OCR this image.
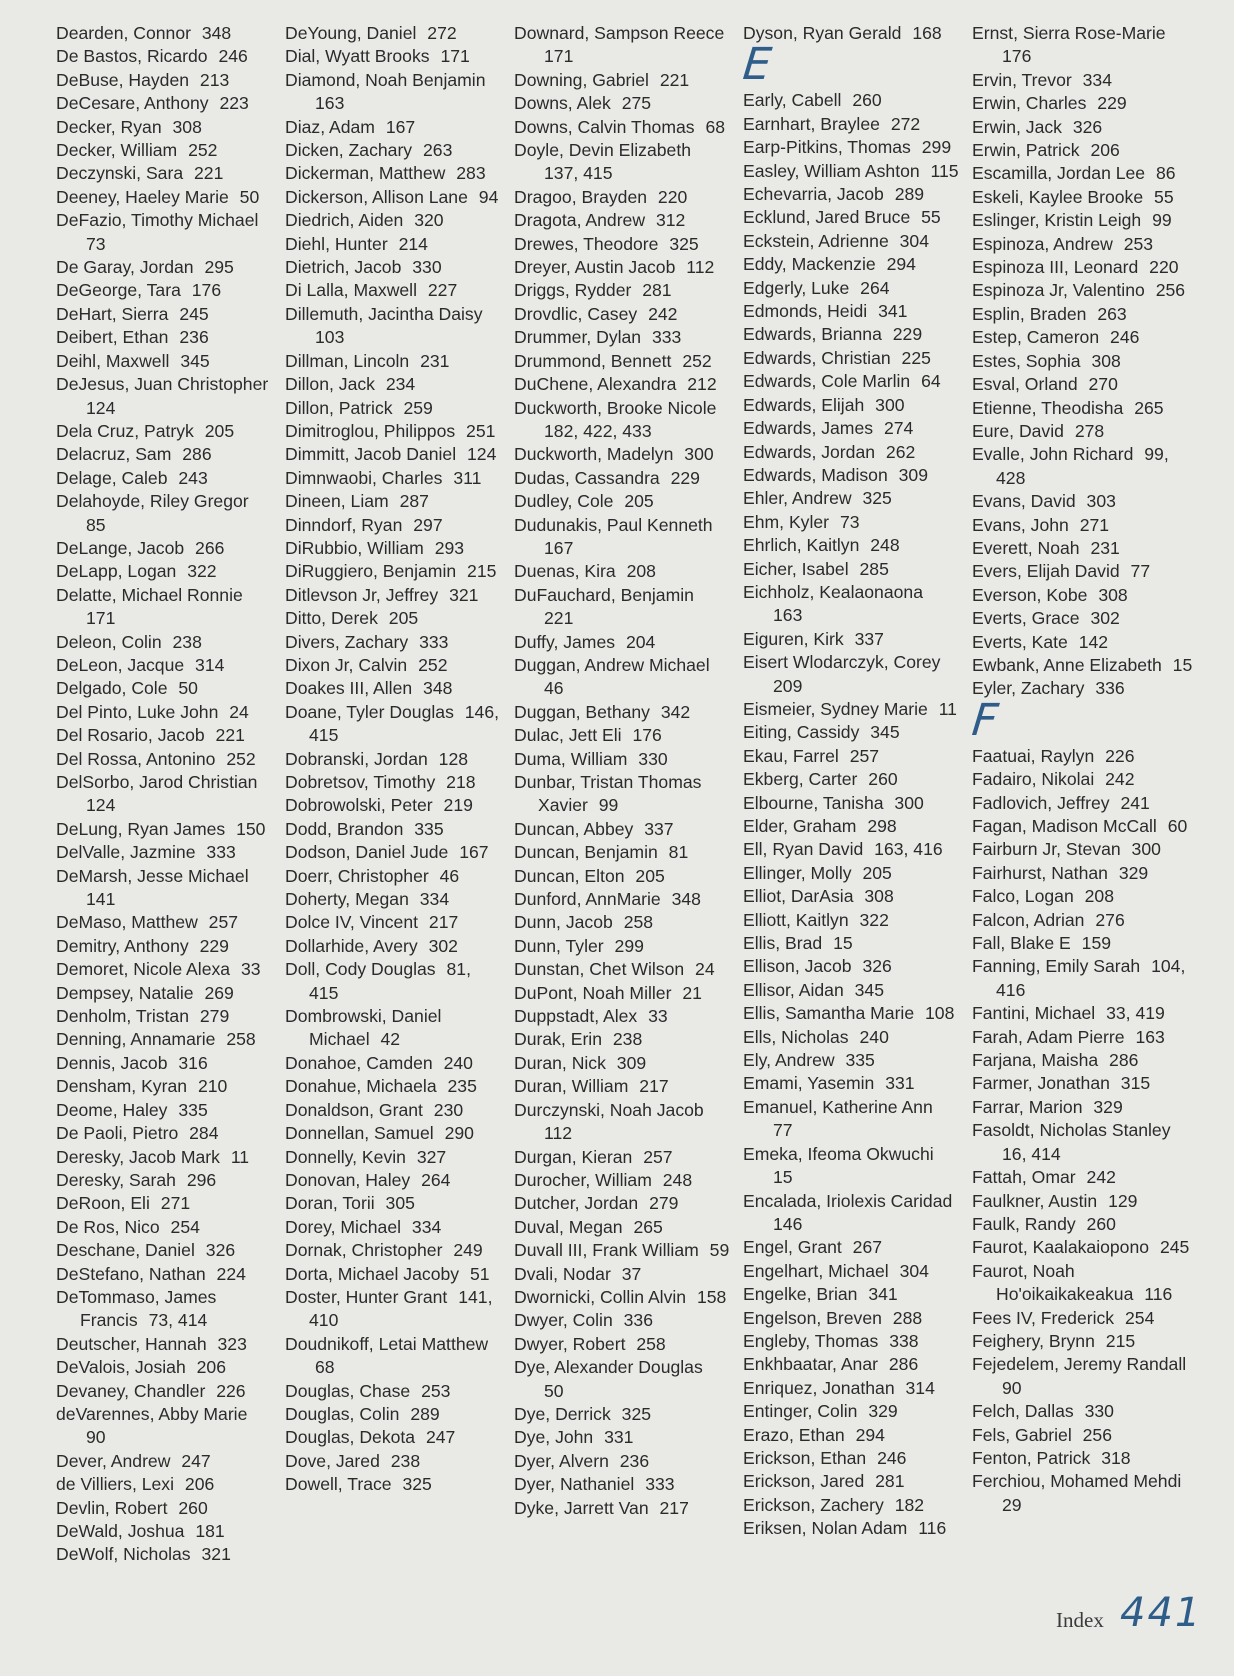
Dearden, Connor 348
De Bastos, Ricardo 246
DeBuse, Hayden 213
DeCesare, Anthony 223
Decker, Ryan 308
Decker, William 252
Deczynski, Sara 221
Deeney, Haeley Marie 50
DeFazio, Timothy Michael 73
De Garay, Jordan 295
DeGeorge, Tara 176
DeHart, Sierra 245
Deibert, Ethan 236
Deihl, Maxwell 345
DeJesus, Juan Christopher 124
Dela Cruz, Patryk 205
Delacruz, Sam 286
Delage, Caleb 243
Delahoyde, Riley Gregor 85
DeLange, Jacob 266
DeLapp, Logan 322
Delatte, Michael Ronnie 171
Deleon, Colin 238
DeLeon, Jacque 314
Delgado, Cole 50
Del Pinto, Luke John 24
Del Rosario, Jacob 221
Del Rossa, Antonino 252
DelSorbo, Jarod Christian 124
DeLung, Ryan James 150
DelValle, Jazmine 333
DeMarsh, Jesse Michael 141
DeMaso, Matthew 257
Demitry, Anthony 229
Demoret, Nicole Alexa 33
Dempsey, Natalie 269
Denholm, Tristan 279
Denning, Annamarie 258
Dennis, Jacob 316
Densham, Kyran 210
Deome, Haley 335
De Paoli, Pietro 284
Deresky, Jacob Mark 11
Deresky, Sarah 296
DeRoon, Eli 271
De Ros, Nico 254
Deschane, Daniel 326
DeStefano, Nathan 224
DeTommaso, James Francis 73, 414
Deutscher, Hannah 323
DeValois, Josiah 206
Devaney, Chandler 226
deVarennes, Abby Marie 90
Dever, Andrew 247
de Villiers, Lexi 206
Devlin, Robert 260
DeWald, Joshua 181
DeWolf, Nicholas 321
DeYoung, Daniel 272
Dial, Wyatt Brooks 171
Diamond, Noah Benjamin 163
Diaz, Adam 167
Dicken, Zachary 263
Dickerman, Matthew 283
Dickerson, Allison Lane 94
Diedrich, Aiden 320
Diehl, Hunter 214
Dietrich, Jacob 330
Di Lalla, Maxwell 227
Dillemuth, Jacintha Daisy 103
Dillman, Lincoln 231
Dillon, Jack 234
Dillon, Patrick 259
Dimitroglou, Philippos 251
Dimmitt, Jacob Daniel 124
Dimnwaobi, Charles 311
Dineen, Liam 287
Dinndorf, Ryan 297
DiRubbio, William 293
DiRuggiero, Benjamin 215
Ditlevson Jr, Jeffrey 321
Ditto, Derek 205
Divers, Zachary 333
Dixon Jr, Calvin 252
Doakes III, Allen 348
Doane, Tyler Douglas 146, 415
Dobranski, Jordan 128
Dobretsov, Timothy 218
Dobrowolski, Peter 219
Dodd, Brandon 335
Dodson, Daniel Jude 167
Doerr, Christopher 46
Doherty, Megan 334
Dolce IV, Vincent 217
Dollarhide, Avery 302
Doll, Cody Douglas 81, 415
Dombrowski, Daniel Michael 42
Donahoe, Camden 240
Donahue, Michaela 235
Donaldson, Grant 230
Donnellan, Samuel 290
Donnelly, Kevin 327
Donovan, Haley 264
Doran, Torii 305
Dorey, Michael 334
Dornak, Christopher 249
Dorta, Michael Jacoby 51
Doster, Hunter Grant 141, 410
Doudnikoff, Letai Matthew 68
Douglas, Chase 253
Douglas, Colin 289
Douglas, Dekota 247
Dove, Jared 238
Dowell, Trace 325
Downard, Sampson Reece 171
Downing, Gabriel 221
Downs, Alek 275
Downs, Calvin Thomas 68
Doyle, Devin Elizabeth 137, 415
Dragoo, Brayden 220
Dragota, Andrew 312
Drewes, Theodore 325
Dreyer, Austin Jacob 112
Driggs, Rydder 281
Drovdlic, Casey 242
Drummer, Dylan 333
Drummond, Bennett 252
DuChene, Alexandra 212
Duckworth, Brooke Nicole 182, 422, 433
Duckworth, Madelyn 300
Dudas, Cassandra 229
Dudley, Cole 205
Dudunakis, Paul Kenneth 167
Duenas, Kira 208
DuFauchard, Benjamin 221
Duffy, James 204
Duggan, Andrew Michael 46
Duggan, Bethany 342
Dulac, Jett Eli 176
Duma, William 330
Dunbar, Tristan Thomas Xavier 99
Duncan, Abbey 337
Duncan, Benjamin 81
Duncan, Elton 205
Dunford, AnnMarie 348
Dunn, Jacob 258
Dunn, Tyler 299
Dunstan, Chet Wilson 24
DuPont, Noah Miller 21
Duppstadt, Alex 33
Durak, Erin 238
Duran, Nick 309
Duran, William 217
Durczynski, Noah Jacob 112
Durgan, Kieran 257
Durocher, William 248
Dutcher, Jordan 279
Duval, Megan 265
Duvall III, Frank William 59
Dvali, Nodar 37
Dwornicki, Collin Alvin 158
Dwyer, Colin 336
Dwyer, Robert 258
Dye, Alexander Douglas 50
Dye, Derrick 325
Dye, John 331
Dyer, Alvern 236
Dyer, Nathaniel 333
Dyke, Jarrett Van 217
Dyson, Ryan Gerald 168
E
Early, Cabell 260
Earnhart, Braylee 272
Earp-Pitkins, Thomas 299
Easley, William Ashton 115
Echevarria, Jacob 289
Ecklund, Jared Bruce 55
Eckstein, Adrienne 304
Eddy, Mackenzie 294
Edgerly, Luke 264
Edmonds, Heidi 341
Edwards, Brianna 229
Edwards, Christian 225
Edwards, Cole Marlin 64
Edwards, Elijah 300
Edwards, James 274
Edwards, Jordan 262
Edwards, Madison 309
Ehler, Andrew 325
Ehm, Kyler 73
Ehrlich, Kaitlyn 248
Eicher, Isabel 285
Eichholz, Kealaonaona 163
Eiguren, Kirk 337
Eisert Wlodarczyk, Corey 209
Eismeier, Sydney Marie 11
Eiting, Cassidy 345
Ekau, Farrel 257
Ekberg, Carter 260
Elbourne, Tanisha 300
Elder, Graham 298
Ell, Ryan David 163, 416
Ellinger, Molly 205
Elliot, DarAsia 308
Elliott, Kaitlyn 322
Ellis, Brad 15
Ellison, Jacob 326
Ellisor, Aidan 345
Ellis, Samantha Marie 108
Ells, Nicholas 240
Ely, Andrew 335
Emami, Yasemin 331
Emanuel, Katherine Ann 77
Emeka, Ifeoma Okwuchi 15
Encalada, Iriolexis Caridad 146
Engel, Grant 267
Engelhart, Michael 304
Engelke, Brian 341
Engelson, Breven 288
Engleby, Thomas 338
Enkhbaatar, Anar 286
Enriquez, Jonathan 314
Entinger, Colin 329
Erazo, Ethan 294
Erickson, Ethan 246
Erickson, Jared 281
Erickson, Zachery 182
Eriksen, Nolan Adam 116
Ernst, Sierra Rose-Marie 176
Ervin, Trevor 334
Erwin, Charles 229
Erwin, Jack 326
Erwin, Patrick 206
Escamilla, Jordan Lee 86
Eskeli, Kaylee Brooke 55
Eslinger, Kristin Leigh 99
Espinoza, Andrew 253
Espinoza III, Leonard 220
Espinoza Jr, Valentino 256
Esplin, Braden 263
Estep, Cameron 246
Estes, Sophia 308
Esval, Orland 270
Etienne, Theodisha 265
Eure, David 278
Evalle, John Richard 99, 428
Evans, David 303
Evans, John 271
Everett, Noah 231
Evers, Elijah David 77
Everson, Kobe 308
Everts, Grace 302
Everts, Kate 142
Ewbank, Anne Elizabeth 15
Eyler, Zachary 336
F
Faatuai, Raylyn 226
Fadairo, Nikolai 242
Fadlovich, Jeffrey 241
Fagan, Madison McCall 60
Fairburn Jr, Stevan 300
Fairhurst, Nathan 329
Falco, Logan 208
Falcon, Adrian 276
Fall, Blake E 159
Fanning, Emily Sarah 104, 416
Fantini, Michael 33, 419
Farah, Adam Pierre 163
Farjana, Maisha 286
Farmer, Jonathan 315
Farrar, Marion 329
Fasoldt, Nicholas Stanley 16, 414
Fattah, Omar 242
Faulkner, Austin 129
Faulk, Randy 260
Faurot, Kaalakaiopono 245
Faurot, Noah Ho'oikaikakeakua 116
Fees IV, Frederick 254
Feighery, Brynn 215
Fejedelem, Jeremy Randall 90
Felch, Dallas 330
Fels, Gabriel 256
Fenton, Patrick 318
Ferchiou, Mohamed Mehdi 29
Index 441
